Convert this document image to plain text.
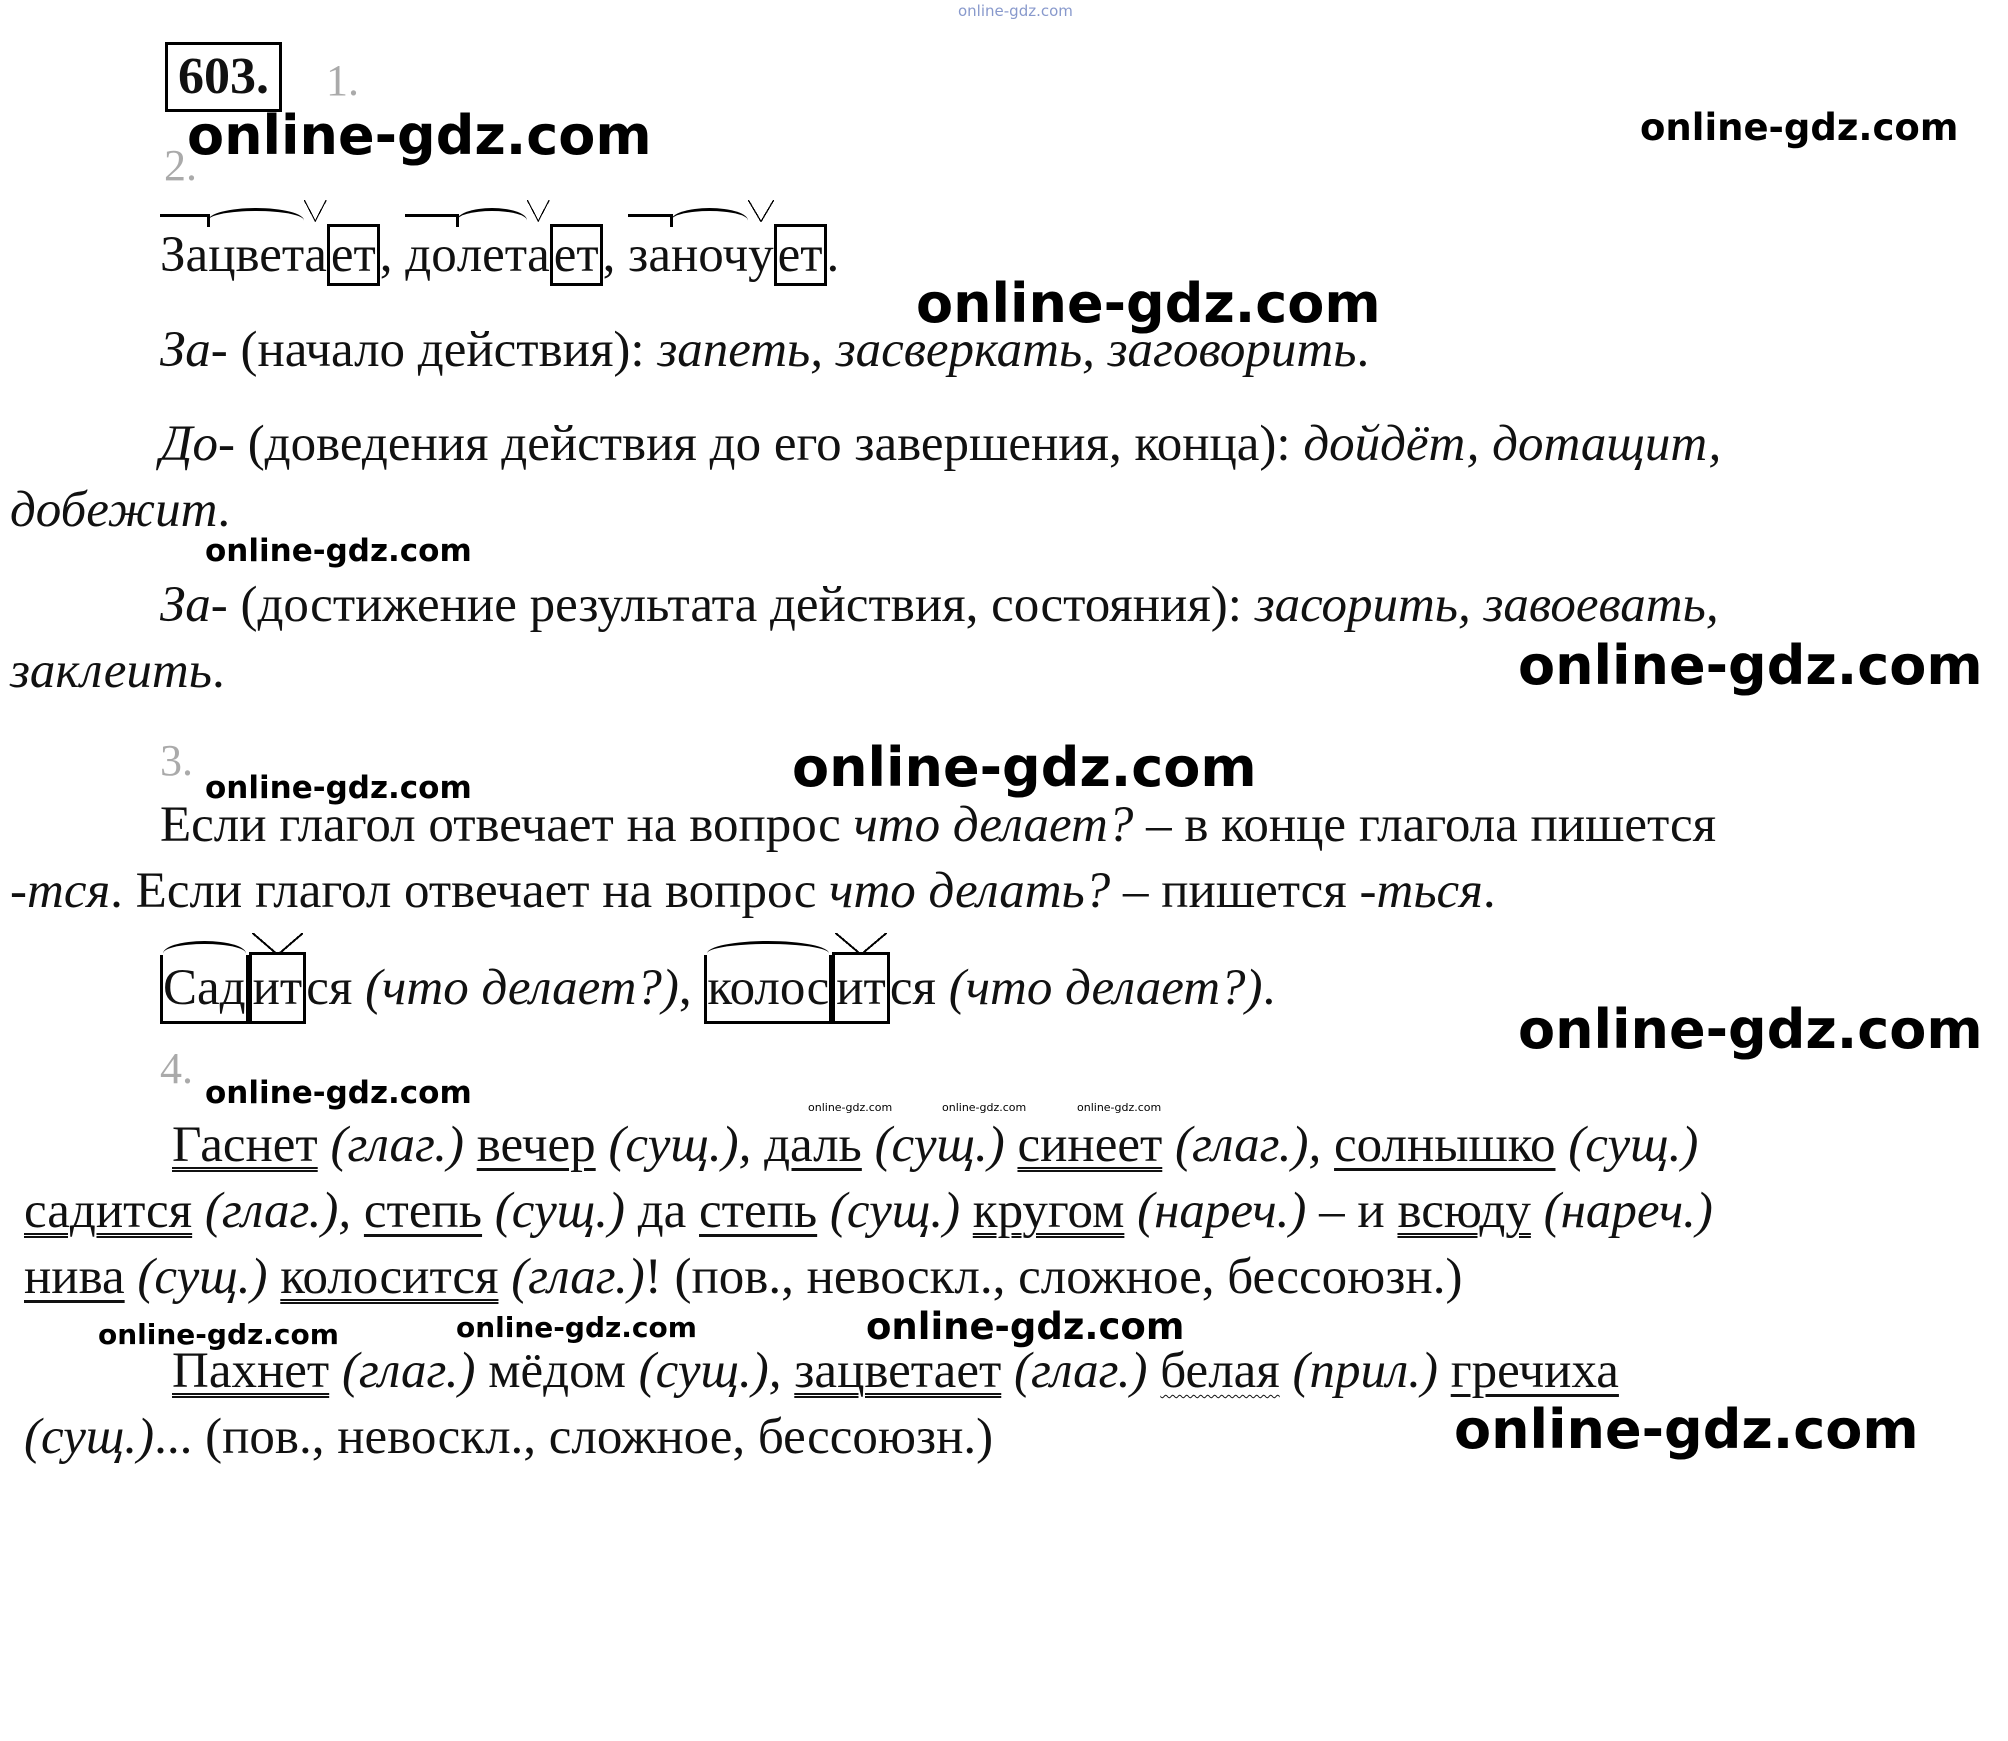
online-gdz.com
603. 1.
2.
online-gdz.com	online-gdz.com
online-gdz.com
online-gdz.com
online-gdz.com
online-gdz.com
online-gdz.com
online-gdz.com
online-gdz.com	online-gdz.com	online-gdz.com	online-gdz.com
online-gdz.com	online-gdz.com	online-gdz.com
online-gdz.com
Зацветает, долетает, заночует.
За- (начало действия): запеть, засверкать, заговорить.
До- (доведения действия до его завершения, конца): дойдёт, дотащит,
добежит.
За- (достижение результата действия, состояния): засорить, завоевать,
заклеить.
3.
Если глагол отвечает на вопрос что делает? – в конце глагола пишется
-тся. Если глагол отвечает на вопрос что делать? – пишется -ться.
Сад ится (что делает?), колос ится (что делает?).
4.
Гаснет (глаг.) вечер (сущ.), даль (сущ.) синеет (глаг.), солнышко (сущ.)
садится (глаг.), степь (сущ.) да степь (сущ.) кругом (нареч.) – и всюду (нареч.)
нива (сущ.) колосится (глаг.)! (пов., невоскл., сложное, бессоюзн.)
Пахнет (глаг.) мёдом (сущ.), зацветает (глаг.) белая (прил.) гречиха
(сущ.)... (пов., невоскл., сложное, бессоюзн.)
